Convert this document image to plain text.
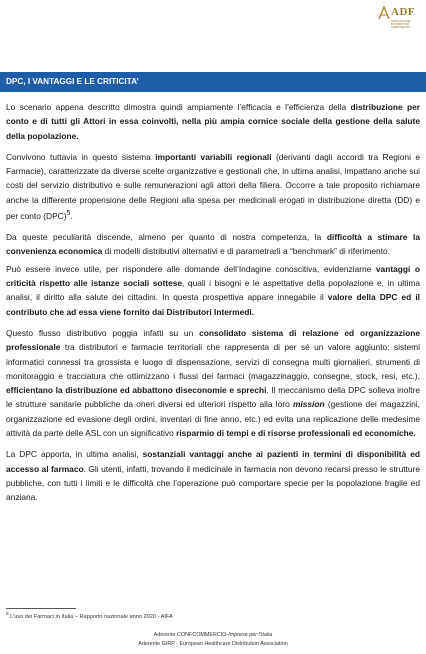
ADF
ASSOCIAZIONE
DISTRIBUTORI
FARMACEUTICI
DPC, I VANTAGGI E LE CRITICITA’

Lo scenario appena descritto dimostra quindi ampiamente l’efficacia e l’efficienza della distribuzione per conto e di tutti gli Attori in essa coinvolti, nella più ampia cornice sociale della gestione della salute della popolazione.

Convivono tuttavia in questo sistema importanti variabili regionali (derivanti dagli accordi tra Regioni e Farmacie), caratterizzate da diverse scelte organizzative e gestionali che, in ultima analisi, impattano anche sui costi del servizio distributivo e sulle remunerazioni agli attori della filiera. Occorre a tale proposito richiamare anche la differente propensione delle Regioni alla spesa per medicinali erogati in distribuzione diretta (DD) e per conto (DPC)$^5$.

Da queste peculiarità discende, almeno per quanto di nostra competenza, la difficoltà a stimare la convenienza economica di modelli distributivi alternativi e di parametrarli a “benchmark” di riferimento.

Può essere invece utile, per rispondere alle domande dell’Indagine conoscitiva, evidenziarne vantaggi o criticità rispetto alle istanze sociali sottese, quali i bisogni e le aspettative della popolazione e, in ultima analisi, il diritto alla salute dei cittadini. In questa prospettiva appare innegabile il valore della DPC ed il contributo che ad essa viene fornito dai Distributori Intermedi.

Questo flusso distributivo poggia infatti su un consolidato sistema di relazione ed organizzazione professionale tra distributori e farmacie territoriali che rappresenta di per sé un valore aggiunto: sistemi informatici connessi tra grossista e luogo di dispensazione, servizi di consegna multi giornalieri, strumenti di monitoraggio e tracciatura che ottimizzano i flussi dei farmaci (magazzinaggio, consegne, stock, resi, etc.), efficientano la distribuzione ed abbattono diseconomie e sprechi. Il meccanismo della DPC solleva inoltre le strutture sanitarie pubbliche da oneri diversi ed ulteriori rispetto alla loro mission (gestione dei magazzini, organizzazione ed evasione degli ordini, inventari di fine anno, etc.) ed evita una replicazione delle medesime attività da parte delle ASL con un significativo risparmio di tempi e di risorse professionali ed economiche.

La DPC apporta, in ultima analisi, sostanziali vantaggi anche ai pazienti in termini di disponibilità ed accesso al farmaco. Gli utenti, infatti, trovando il medicinale in farmacia non devono recarsi presso le strutture pubbliche, con tutti i limiti e le difficoltà che l’operazione può comportare specie per la popolazione fragile ed anziana.

$^5$ L’uso dei Farmaci in Italia – Rapporto nazionale anno 2020 - AIFA
Aderente CONFCOMMERCIO-Imprese per l’Italia
Aderente GIRP - European Healthcare Distribution Association
